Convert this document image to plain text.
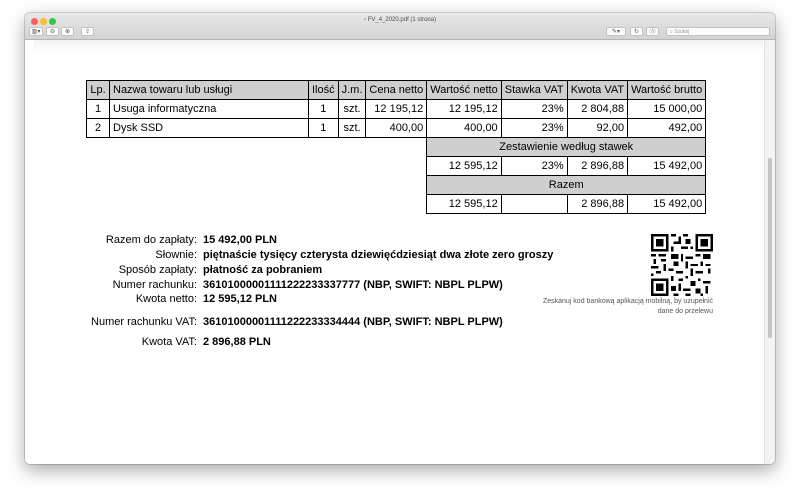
▫ FV_4_2020.pdf (1 strona)
▥▾	⊖	⊕	⇪	✎▾	↻	Ⓐ	⌕ Szukaj
Lp.	Nazwa towaru lub usługi	Ilość	J.m.	Cena netto	Wartość netto	Stawka VAT	Kwota VAT	Wartość brutto
1	Usuga informatyczna	1	szt.	12 195,12	12 195,12	23%	2 804,88	15 000,00
2	Dysk SSD	1	szt.	400,00	400,00	23%	92,00	492,00
					Zestawienie według stawek			
					12 595,12	23%	2 896,88	15 492,00
					Razem			
					12 595,12		2 896,88	15 492,00
Razem do zapłaty: 15 492,00 PLN
Słownie: piętnaście tysięcy czterysta dziewięćdziesiąt dwa złote zero groszy
Sposób zapłaty: płatność za pobraniem
Numer rachunku: 36101000001111222233337777 (NBP, SWIFT: NBPL PLPW)
Kwota netto: 12 595,12 PLN
Numer rachunku VAT: 36101000001111222233334444 (NBP, SWIFT: NBPL PLPW)
Kwota VAT: 2 896,88 PLN
Zeskanuj kod bankową aplikacją mobilną, by uzupełnić dane do przelewu
